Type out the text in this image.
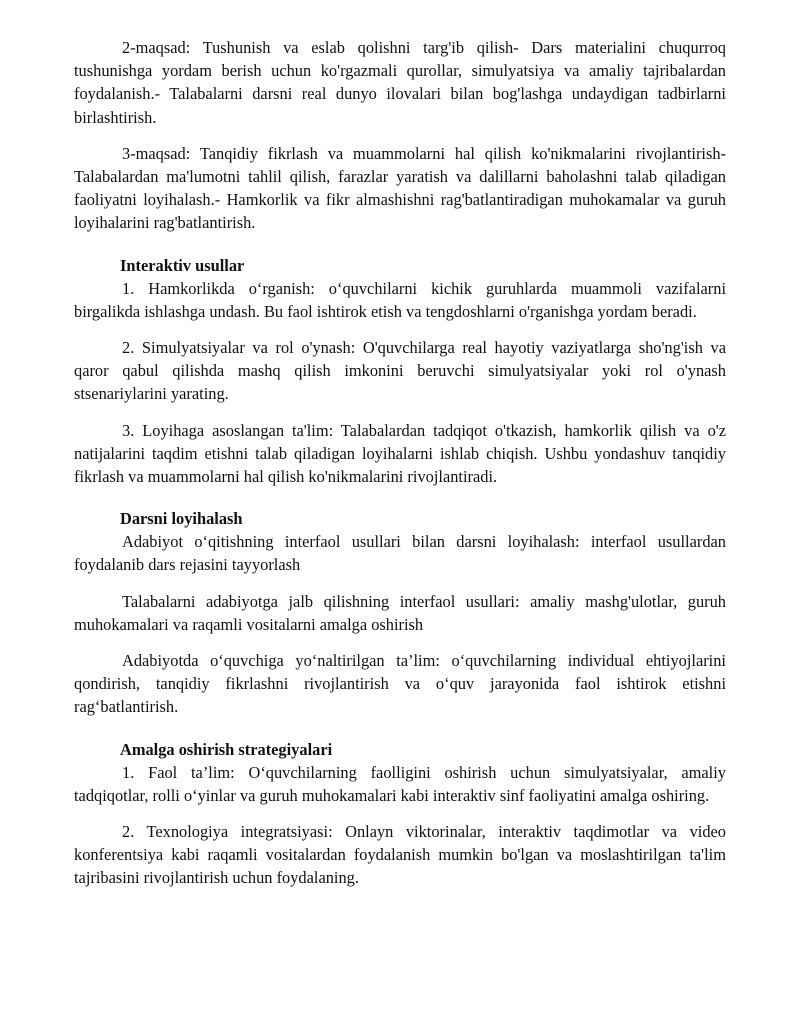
2-maqsad: Tushunish va eslab qolishni targ'ib qilish- Dars materialini chuqurroq tushunishga yordam berish uchun ko'rgazmali qurollar, simulyatsiya va amaliy tajribalardan foydalanish.- Talabalarni darsni real dunyo ilovalari bilan bog'lashga undaydigan tadbirlarni birlashtirish.

3-maqsad: Tanqidiy fikrlash va muammolarni hal qilish ko'nikmalarini rivojlantirish- Talabalardan ma'lumotni tahlil qilish, farazlar yaratish va dalillarni baholashni talab qiladigan faoliyatni loyihalash.- Hamkorlik va fikr almashishni rag'batlantiradigan muhokamalar va guruh loyihalarini rag'batlantirish.

Interaktiv usullar

1. Hamkorlikda o‘rganish: o‘quvchilarni kichik guruhlarda muammoli vazifalarni birgalikda ishlashga undash. Bu faol ishtirok etish va tengdoshlarni o'rganishga yordam beradi.

2. Simulyatsiyalar va rol o'ynash: O'quvchilarga real hayotiy vaziyatlarga sho'ng'ish va qaror qabul qilishda mashq qilish imkonini beruvchi simulyatsiyalar yoki rol o'ynash stsenariylarini yarating.

3. Loyihaga asoslangan ta'lim: Talabalardan tadqiqot o'tkazish, hamkorlik qilish va o'z natijalarini taqdim etishni talab qiladigan loyihalarni ishlab chiqish. Ushbu yondashuv tanqidiy fikrlash va muammolarni hal qilish ko'nikmalarini rivojlantiradi.

Darsni loyihalash

Adabiyot o‘qitishning interfaol usullari bilan darsni loyihalash: interfaol usullardan foydalanib dars rejasini tayyorlash

Talabalarni adabiyotga jalb qilishning interfaol usullari: amaliy mashg'ulotlar, guruh muhokamalari va raqamli vositalarni amalga oshirish

Adabiyotda o‘quvchiga yo‘naltirilgan ta’lim: o‘quvchilarning individual ehtiyojlarini qondirish, tanqidiy fikrlashni rivojlantirish va o‘quv jarayonida faol ishtirok etishni rag‘batlantirish.

Amalga oshirish strategiyalari

1. Faol ta’lim: O‘quvchilarning faolligini oshirish uchun simulyatsiyalar, amaliy tadqiqotlar, rolli o‘yinlar va guruh muhokamalari kabi interaktiv sinf faoliyatini amalga oshiring.

2. Texnologiya integratsiyasi: Onlayn viktorinalar, interaktiv taqdimotlar va video konferentsiya kabi raqamli vositalardan foydalanish mumkin bo'lgan va moslashtirilgan ta'lim tajribasini rivojlantirish uchun foydalaning.
